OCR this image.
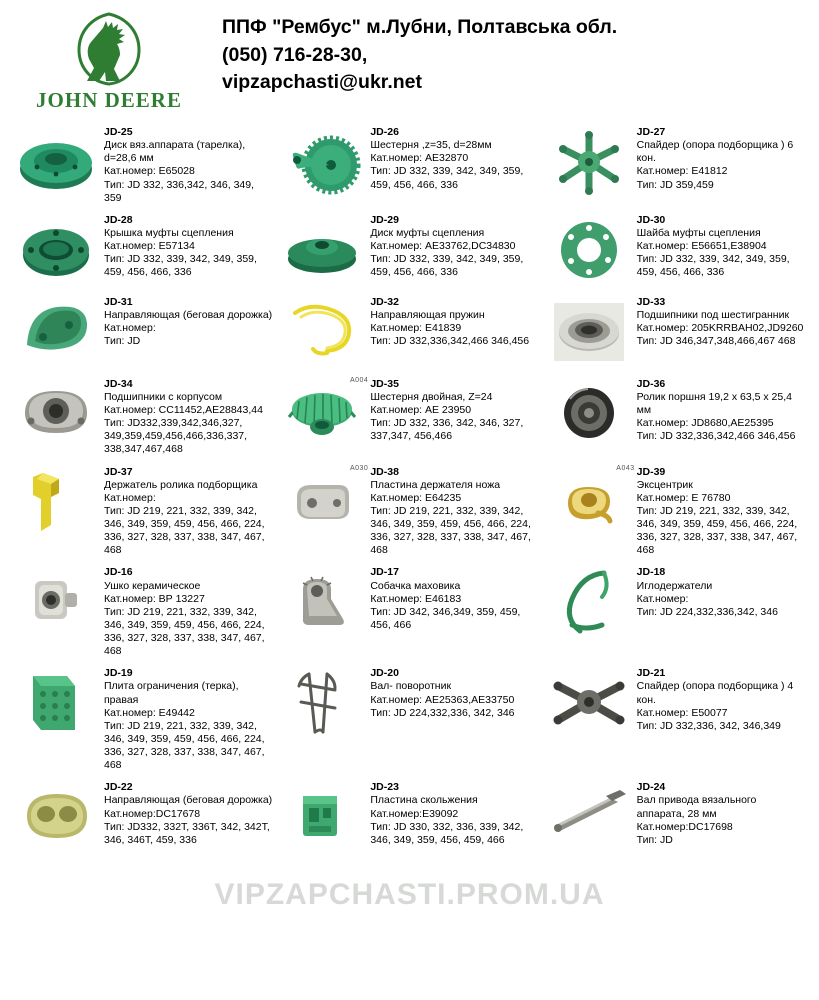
JOHN DEERE
ППФ "Рембус" м.Лубни, Полтавська обл.
(050) 716-28-30,
vipzapchasti@ukr.net
JD-25
Диск вяз.аппарата (тарелка), d=28,6 мм
Кат.номер: E65028
Тип: JD 332, 336,342, 346, 349, 359
JD-26
Шестерня ,z=35, d=28мм
Кат.номер: AE32870
Тип: JD 332, 339, 342, 349, 359, 459, 456, 466, 336
JD-27
Спайдер (опора подборщика ) 6 кон.
Кат.номер: E41812
Тип: JD 359,459
JD-28
Крышка муфты сцепления
Кат.номер: E57134
Тип: JD 332, 339, 342, 349, 359, 459, 456, 466, 336
JD-29
Диск муфты сцепления
Кат.номер: AE33762,DC34830
Тип: JD 332, 339, 342, 349, 359, 459, 456, 466, 336
JD-30
Шайба муфты сцепления
Кат.номер: E56651,E38904
Тип: JD 332, 339, 342, 349, 359, 459, 456, 466, 336
JD-31
Направляющая (беговая дорожка)
Кат.номер:
Тип: JD
JD-32
Направляющая пружин
Кат.номер: E41839
Тип: JD 332,336,342,466 346,456
JD-33
Подшипники под шестигранник
Кат.номер: 205KRRBAH02,JD9260
Тип: JD 346,347,348,466,467 468
JD-34
Подшипники с корпусом
Кат.номер: CC11452,AE28843,44
Тип: JD332,339,342,346,327, 349,359,459,456,466,336,337, 338,347,467,468
A004 JD-35
Шестерня двойная, Z=24
Кат.номер: AE 23950
Тип: JD 332, 336, 342, 346, 327, 337,347, 456,466
JD-36
Ролик поршня 19,2 х 63,5 х 25,4 мм
Кат.номер: JD8680,AE25395
Тип: JD 332,336,342,466 346,456
JD-37
Держатель ролика подборщика
Кат.номер:
Тип: JD 219, 221, 332, 339, 342, 346, 349, 359, 459, 456, 466, 224, 336, 327, 328, 337, 338, 347, 467, 468
A030 JD-38
Пластина держателя ножа
Кат.номер: E64235
Тип: JD 219, 221, 332, 339, 342, 346, 349, 359, 459, 456, 466, 224, 336, 327, 328, 337, 338, 347, 467, 468
A043 JD-39
Эксцентрик
Кат.номер: E 76780
Тип: JD 219, 221, 332, 339, 342, 346, 349, 359, 459, 456, 466, 224, 336, 327, 328, 337, 338, 347, 467, 468
JD-16
Ушко керамическое
Кат.номер: ВР 13227
Тип: JD 219, 221, 332, 339, 342, 346, 349, 359, 459, 456, 466, 224, 336, 327, 328, 337, 338, 347, 467, 468
JD-17
Собачка маховика
Кат.номер: E46183
Тип: JD 342, 346,349, 359, 459, 456, 466
JD-18
Иглодержатели
Кат.номер:
Тип: JD 224,332,336,342, 346
JD-19
Плита ограничения (терка), правая
Кат.номер: E49442
Тип: JD 219, 221, 332, 339, 342, 346, 349, 359, 459, 456, 466, 224, 336, 327, 328, 337, 338, 347, 467, 468
JD-20
Вал- поворотник
Кат.номер: AE25363,AE33750
Тип: JD 224,332,336, 342, 346
JD-21
Спайдер (опора подборщика ) 4 кон.
Кат.номер: E50077
Тип: JD 332,336, 342, 346,349
JD-22
Направляющая (беговая дорожка)
Кат.номер:DC17678
Тип: JD332, 332Т, 336Т, 342, 342Т, 346, 346Т, 459, 336
JD-23
Пластина скольжения
Кат.номер:E39092
Тип: JD 330, 332, 336, 339, 342, 346, 349, 359, 456, 459, 466
JD-24
Вал привода вязального аппарата, 28 мм
Кат.номер:DC17698
Тип: JD
VIPZAPCHASTI.PROM.UA
